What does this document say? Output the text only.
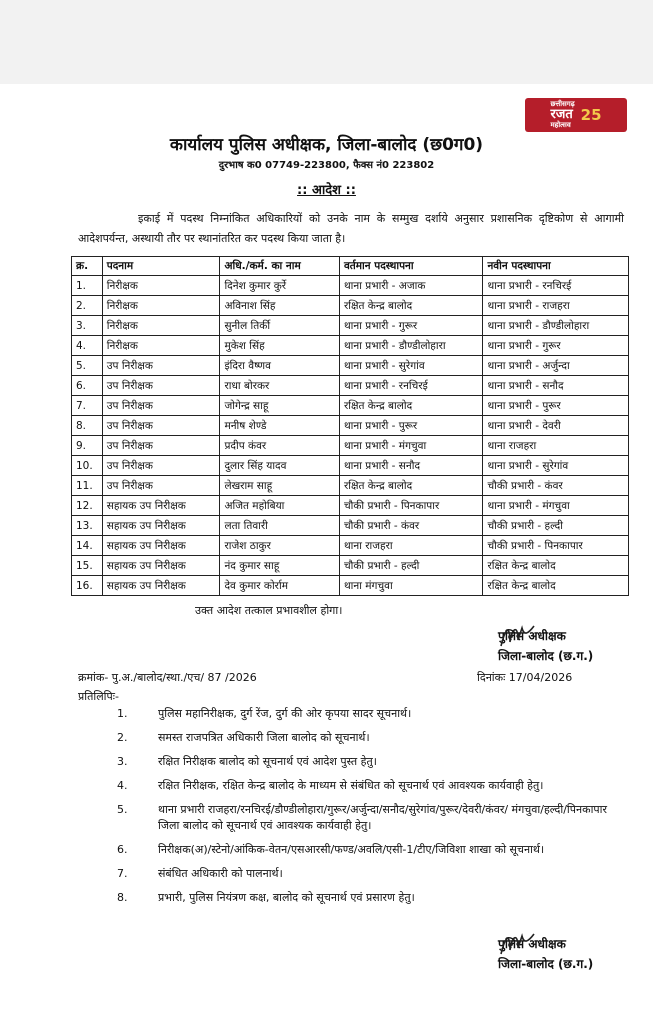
छत्तीसगढ़
रजत
महोत्सव
25
कार्यालय पुलिस अधीक्षक, जिला-बालोद (छ0ग0)
दुरभाष क0 07749-223800, फैक्स नं0 223802
:: आदेश ::
इकाई में पदस्थ निम्नांकित अधिकारियों को उनके नाम के सम्मुख दर्शाये अनुसार प्रशासनिक दृष्टिकोण से आगामी आदेशपर्यन्त, अस्थायी तौर पर स्थानांतरित कर पदस्थ किया जाता है।
क्र.	पदनाम	अधि./कर्म. का नाम	वर्तमान पदस्थापना	नवीन पदस्थापना
1.	निरीक्षक	दिनेश कुमार कुर्रे	थाना प्रभारी - अजाक	थाना प्रभारी - रनचिरई
2.	निरीक्षक	अविनाश सिंह	रक्षित केन्द्र बालोद	थाना प्रभारी - राजहरा
3.	निरीक्षक	सुनील तिर्की	थाना प्रभारी - गुरूर	थाना प्रभारी - डौण्डीलोहारा
4.	निरीक्षक	मुकेश सिंह	थाना प्रभारी - डौण्डीलोहारा	थाना प्रभारी - गुरूर
5.	उप निरीक्षक	इंदिरा वैष्णव	थाना प्रभारी - सुरेगांव	थाना प्रभारी - अर्जुन्दा
6.	उप निरीक्षक	राधा बोरकर	थाना प्रभारी - रनचिरई	थाना प्रभारी - सनौद
7.	उप निरीक्षक	जोगेन्द्र साहू	रक्षित केन्द्र बालोद	थाना प्रभारी - पुरूर
8.	उप निरीक्षक	मनीष शेण्डे	थाना प्रभारी - पुरूर	थाना प्रभारी - देवरी
9.	उप निरीक्षक	प्रदीप कंवर	थाना प्रभारी - मंगचुवा	थाना राजहरा
10.	उप निरीक्षक	दुलार सिंह यादव	थाना प्रभारी - सनौद	थाना प्रभारी - सुरेगांव
11.	उप निरीक्षक	लेखराम साहू	रक्षित केन्द्र बालोद	चौकी प्रभारी - कंवर
12.	सहायक उप निरीक्षक	अजित महोबिया	चौकी प्रभारी - पिनकापार	थाना प्रभारी - मंगचुवा
13.	सहायक उप निरीक्षक	लता तिवारी	चौकी प्रभारी - कंवर	चौकी प्रभारी - हल्दी
14.	सहायक उप निरीक्षक	राजेश ठाकुर	थाना राजहरा	चौकी प्रभारी - पिनकापार
15.	सहायक उप निरीक्षक	नंद कुमार साहू	चौकी प्रभारी - हल्दी	रक्षित केन्द्र बालोद
16.	सहायक उप निरीक्षक	देव कुमार कोर्राम	थाना मंगचुवा	रक्षित केन्द्र बालोद
उक्त आदेश तत्काल प्रभावशील होगा।
पुलिस अधीक्षक
जिला-बालोद (छ.ग.)
क्रमांक- पु.अ./बालोद/स्था./एच/ 87 /2026	दिनांकः 17/04/2026
प्रतिलिपिः-
1.	पुलिस महानिरीक्षक, दुर्ग रेंज, दुर्ग की ओर कृपया सादर सूचनार्थ।
2.	समस्त राजपत्रित अधिकारी जिला बालोद को सूचनार्थ।
3.	रक्षित निरीक्षक बालोद को सूचनार्थ एवं आदेश पुस्त हेतु।
4.	रक्षित निरीक्षक, रक्षित केन्द्र बालोद के माध्यम से संबंधित को सूचनार्थ एवं आवश्यक कार्यवाही हेतु।
5.	थाना प्रभारी राजहरा/रनचिरई/डौण्डीलोहारा/गुरूर/अर्जुन्दा/सनौद/सुरेगांव/पुरूर/देवरी/कंवर/ मंगचुवा/हल्दी/पिनकापार जिला बालोद को सूचनार्थ एवं आवश्यक कार्यवाही हेतु।
6.	निरीक्षक(अ)/स्टेनो/आंकिक-वेतन/एसआरसी/फण्ड/अवलि/एसी-1/टीए/जिविशा शाखा को सूचनार्थ।
7.	संबंधित अधिकारी को पालनार्थ।
8.	प्रभारी, पुलिस नियंत्रण कक्ष, बालोद को सूचनार्थ एवं प्रसारण हेतु।
पुलिस अधीक्षक
जिला-बालोद (छ.ग.)
